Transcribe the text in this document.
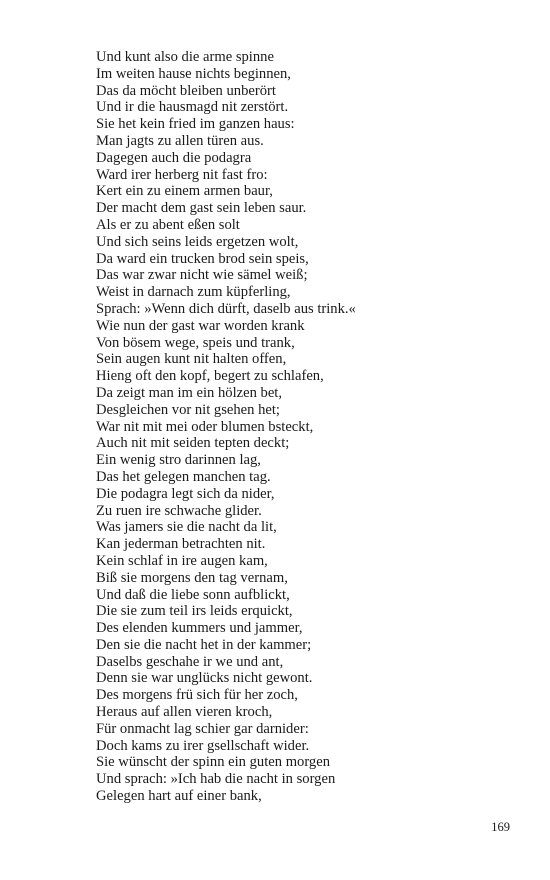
Und kunt also die arme spinne
Im weiten hause nichts beginnen,
Das da möcht bleiben unberört
Und ir die hausmagd nit zerstört.
Sie het kein fried im ganzen haus:
Man jagts zu allen türen aus.
Dagegen auch die podagra
Ward irer herberg nit fast fro:
Kert ein zu einem armen baur,
Der macht dem gast sein leben saur.
Als er zu abent eßen solt
Und sich seins leids ergetzen wolt,
Da ward ein trucken brod sein speis,
Das war zwar nicht wie sämel weiß;
Weist in darnach zum küpferling,
Sprach: »Wenn dich dürft, daselb aus trink.«
Wie nun der gast war worden krank
Von bösem wege, speis und trank,
Sein augen kunt nit halten offen,
Hieng oft den kopf, begert zu schlafen,
Da zeigt man im ein hölzen bet,
Desgleichen vor nit gsehen het;
War nit mit mei oder blumen bsteckt,
Auch nit mit seiden tepten deckt;
Ein wenig stro darinnen lag,
Das het gelegen manchen tag.
Die podagra legt sich da nider,
Zu ruen ire schwache glider.
Was jamers sie die nacht da lit,
Kan jederman betrachten nit.
Kein schlaf in ire augen kam,
Biß sie morgens den tag vernam,
Und daß die liebe sonn aufblickt,
Die sie zum teil irs leids erquickt,
Des elenden kummers und jammer,
Den sie die nacht het in der kammer;
Daselbs geschahe ir we und ant,
Denn sie war unglücks nicht gewont.
Des morgens frü sich für her zoch,
Heraus auf allen vieren kroch,
Für onmacht lag schier gar darnider:
Doch kams zu irer gsellschaft wider.
Sie wünscht der spinn ein guten morgen
Und sprach: »Ich hab die nacht in sorgen
Gelegen hart auf einer bank,
169
